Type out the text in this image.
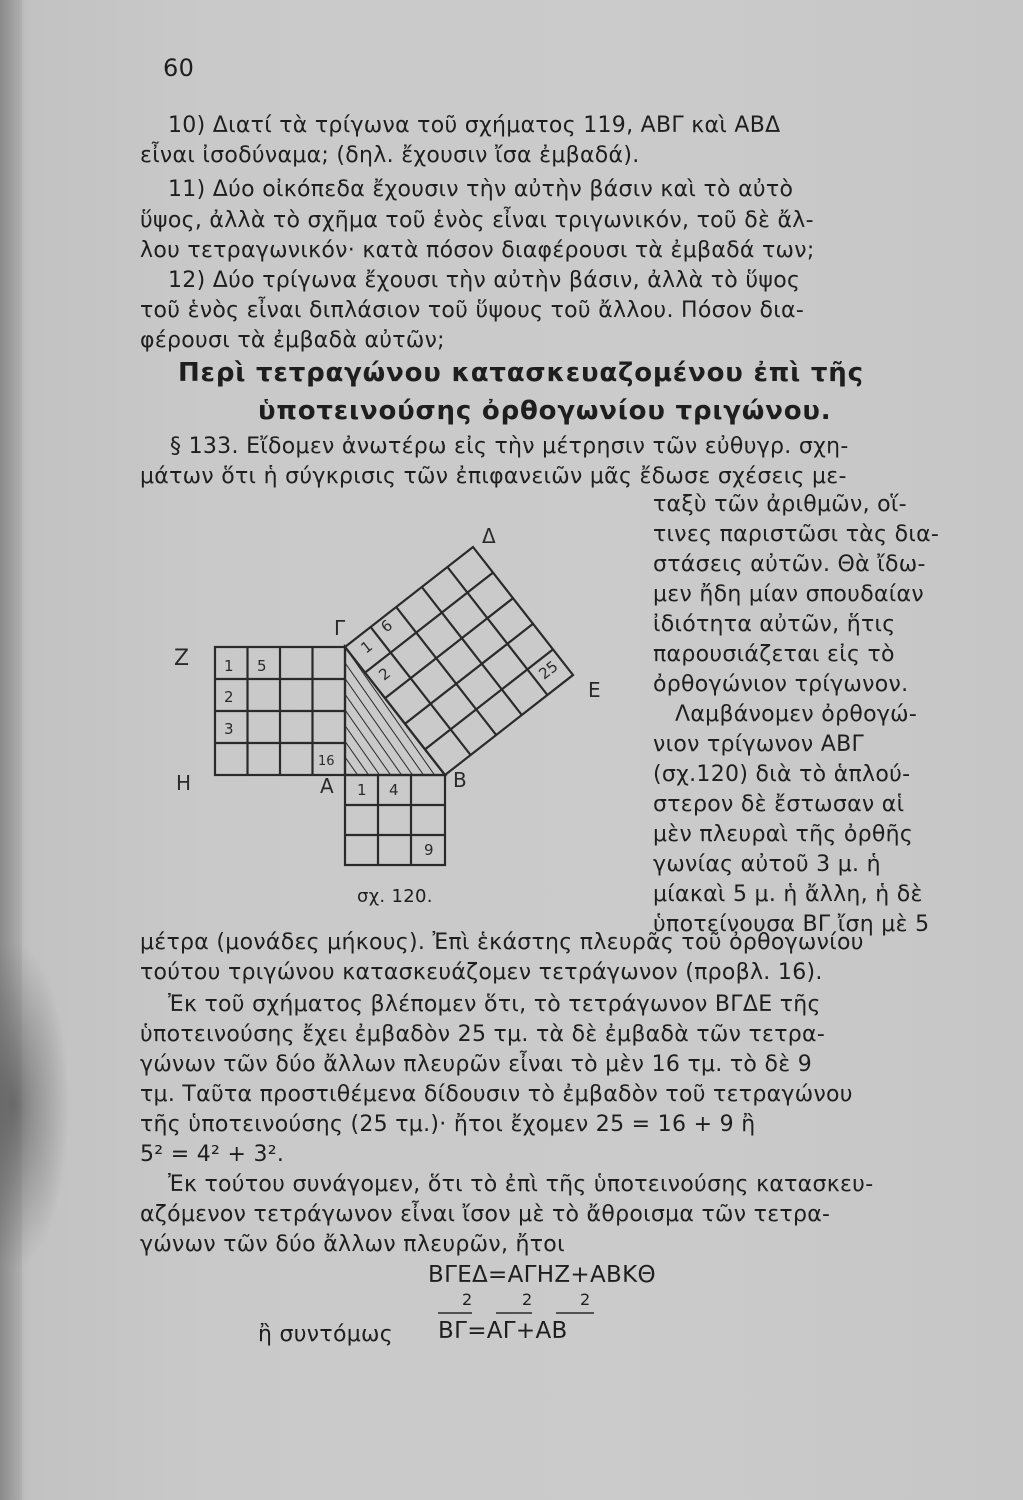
60
10) Διατί τὰ τρίγωνα τοῦ σχήματος 119, ΑΒΓ καὶ ΑΒΔ
εἶναι ἰσοδύναμα; (δηλ. ἔχουσιν ἴσα ἐμβαδά).
11) Δύο οἰκόπεδα ἔχουσιν τὴν αὐτὴν βάσιν καὶ τὸ αὐτὸ
ὕψος, ἀλλὰ τὸ σχῆμα τοῦ ἑνὸς εἶναι τριγωνικόν, τοῦ δὲ ἄλ-
λου τετραγωνικόν· κατὰ πόσον διαφέρουσι τὰ ἐμβαδά των;
12) Δύο τρίγωνα ἔχουσι τὴν αὐτὴν βάσιν, ἀλλὰ τὸ ὕψος
τοῦ ἑνὸς εἶναι διπλάσιον τοῦ ὕψους τοῦ ἄλλου. Πόσον δια-
φέρουσι τὰ ἐμβαδὰ αὐτῶν;
Περὶ τετραγώνου κατασκευαζομένου ἐπὶ τῆς
ὑποτεινούσης ὀρθογωνίου τριγώνου.
§ 133. Εἴδομεν ἀνωτέρω εἰς τὴν μέτρησιν τῶν εὐθυγρ. σχη-
μάτων ὅτι ἡ σύγκρισις τῶν ἐπιφανειῶν μᾶς ἔδωσε σχέσεις με-
ταξὺ τῶν ἀριθμῶν, οἵ-
τινες παριστῶσι τὰς δια-
στάσεις αὐτῶν. Θὰ ἴδω-
μεν ἤδη μίαν σπουδαίαν
ἰδιότητα αὐτῶν, ἥτις
παρουσιάζεται εἰς τὸ
ὀρθογώνιον τρίγωνον.
Λαμβάνομεν ὀρθογώ-
νιον τρίγωνον ΑΒΓ
(σχ.120) διὰ τὸ ἁπλού-
στερον δὲ ἔστωσαν αἱ
μὲν πλευραὶ τῆς ὀρθῆς
γωνίας αὐτοῦ 3 μ. ἡ
μίακαὶ 5 μ. ἡ ἄλλη, ἡ δὲ
ὑποτείνουσα ΒΓ ἴση μὲ 5
1 5
2
3
16
1 4
9
1
6
2	25
Z
Η	Α	Β
Γ
Δ
Ε
σχ. 120.
μέτρα (μονάδες μήκους). Ἐπὶ ἑκάστης πλευρᾶς τοῦ ὀρθογωνίου
τούτου τριγώνου κατασκευάζομεν τετράγωνον (προβλ. 16).
Ἐκ τοῦ σχήματος βλέπομεν ὅτι, τὸ τετράγωνον ΒΓΔΕ τῆς
ὑποτεινούσης ἔχει ἐμβαδὸν 25 τμ. τὰ δὲ ἐμβαδὰ τῶν τετρα-
γώνων τῶν δύο ἄλλων πλευρῶν εἶναι τὸ μὲν 16 τμ. τὸ δὲ 9
τμ. Ταῦτα προστιθέμενα δίδουσιν τὸ ἐμβαδὸν τοῦ τετραγώνου
τῆς ὑποτεινούσης (25 τμ.)· ἤτοι ἔχομεν 25 = 16 + 9 ἢ
5² = 4² + 3².
Ἐκ τούτου συνάγομεν, ὅτι τὸ ἐπὶ τῆς ὑποτεινούσης κατασκευ-
αζόμενον τετράγωνον εἶναι ἴσον μὲ τὸ ἄθροισμα τῶν τετρα-
γώνων τῶν δύο ἄλλων πλευρῶν, ἤτοι
ΒΓΕΔ=ΑΓΗΖ+ΑΒΚΘ
ἢ συντόμως ΒΓ=ΑΓ+ΑΒ
2	2	2
